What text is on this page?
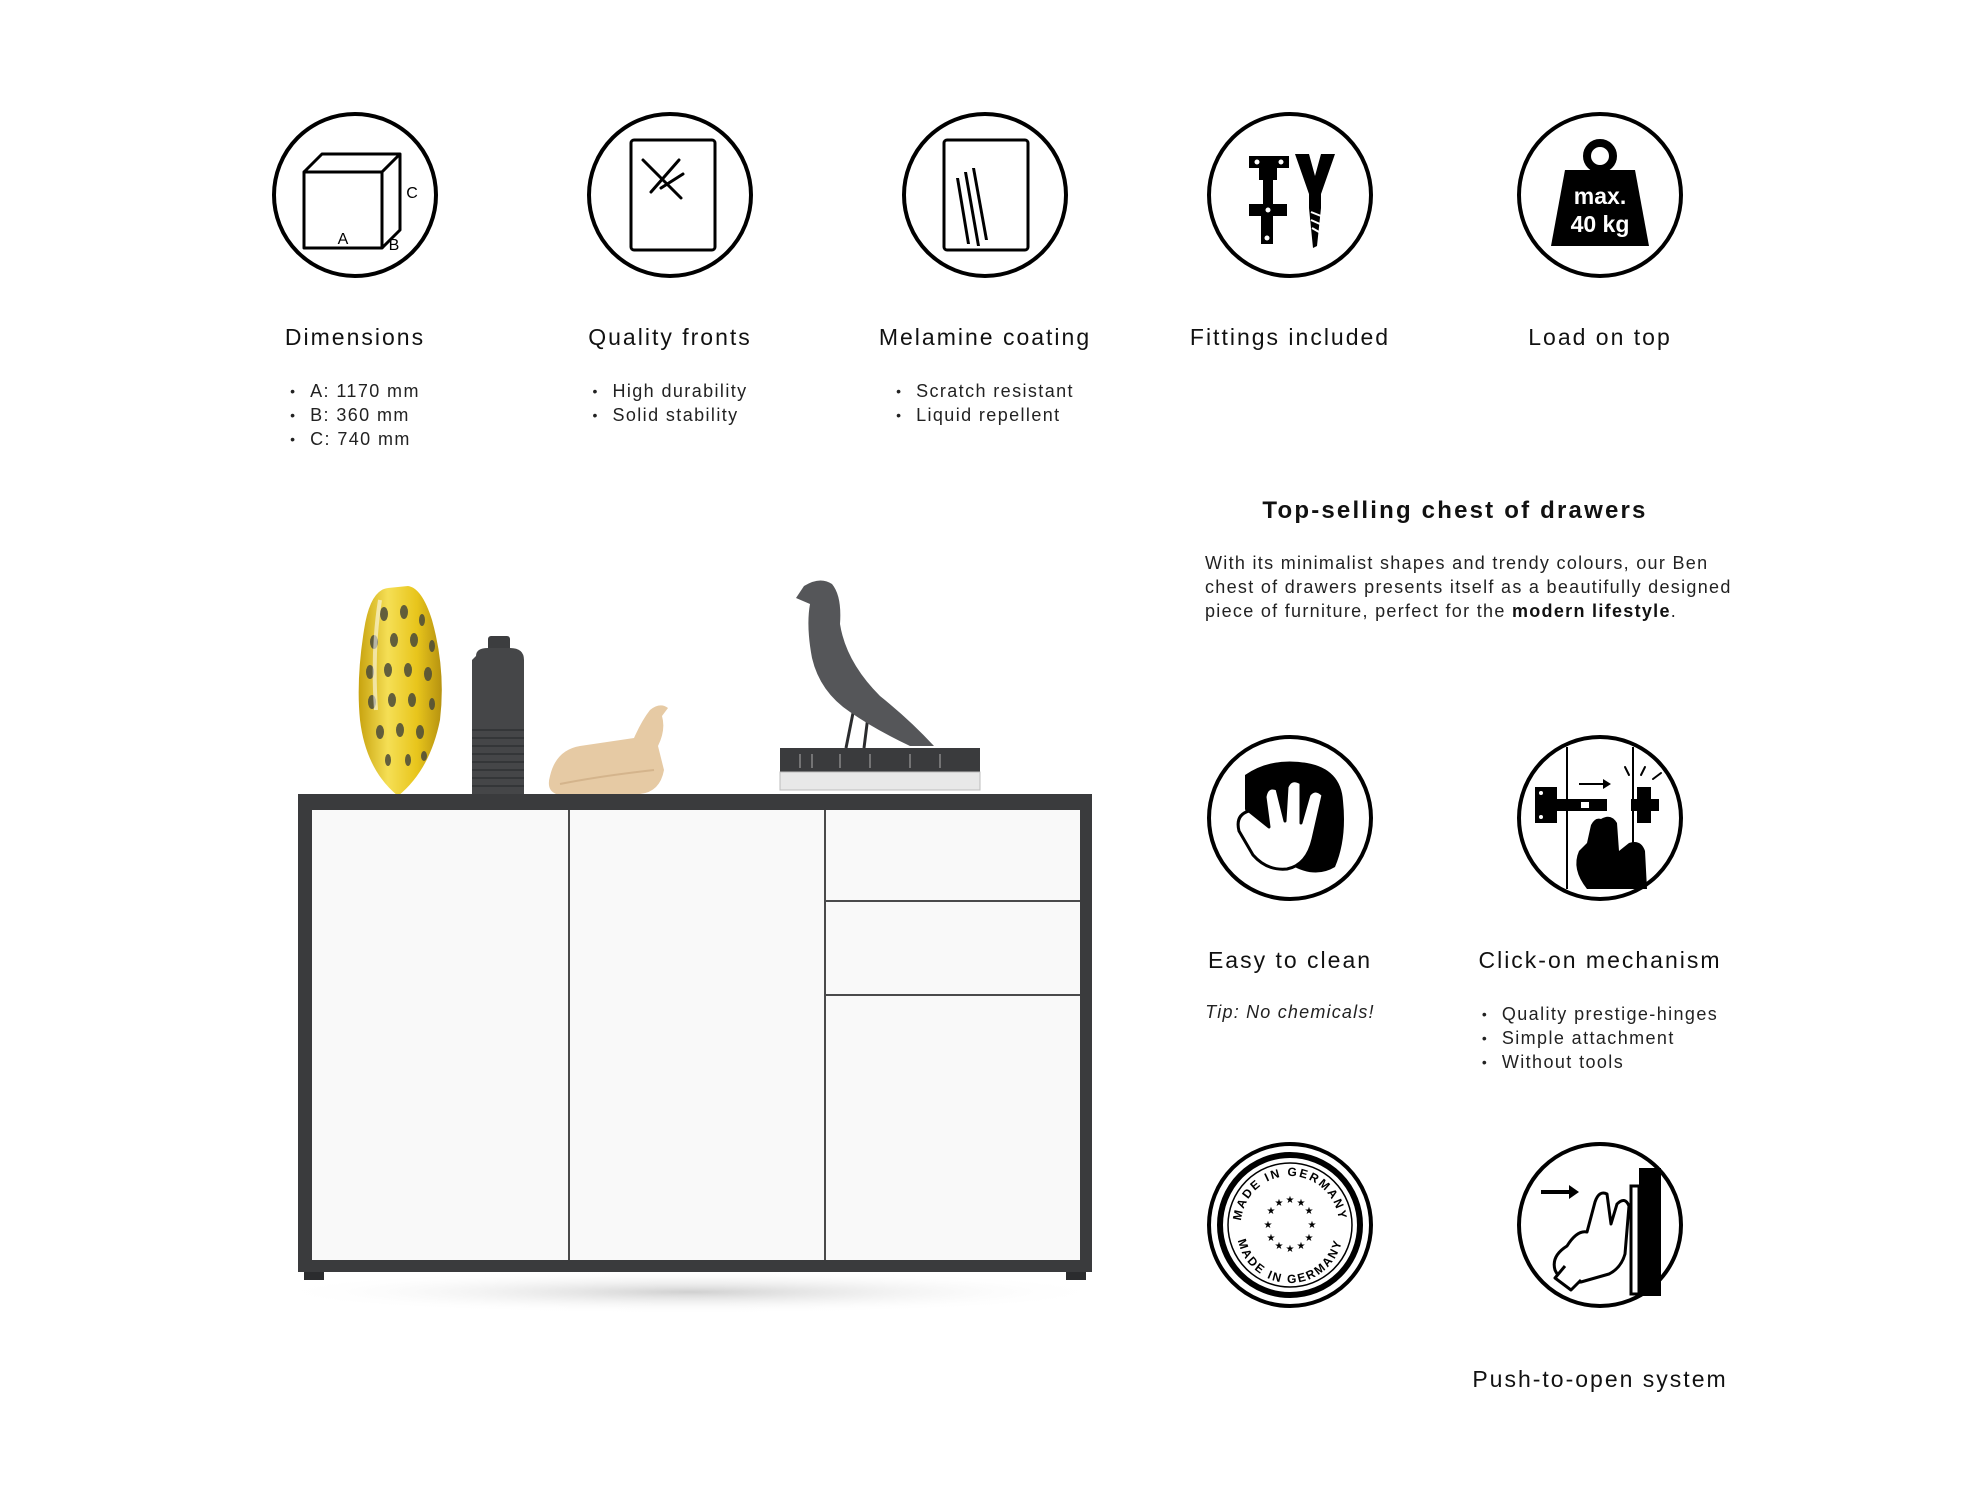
A	B
C
Dimensions
• A: 1170 mm
• B: 360 mm
• C: 740 mm
Quality fronts
• High durability
• Solid stability
Melamine coating
• Scratch resistant
• Liquid repellent
Fittings included
max.
40 kg
Load on top
Top-selling chest of drawers

With its minimalist shapes and trendy colours, our Ben chest of drawers presents itself as a beautifully designed piece of furniture, perfect for the modern lifestyle.

Easy to clean
Tip: No chemicals!
Click-on mechanism
• Quality prestige-hinges
• Simple attachment
• Without tools
MADE IN GERMANY
MADE IN GERMANY
★ ★
★
★
★
★
★
★
★
★
★
★
Push-to-open system
